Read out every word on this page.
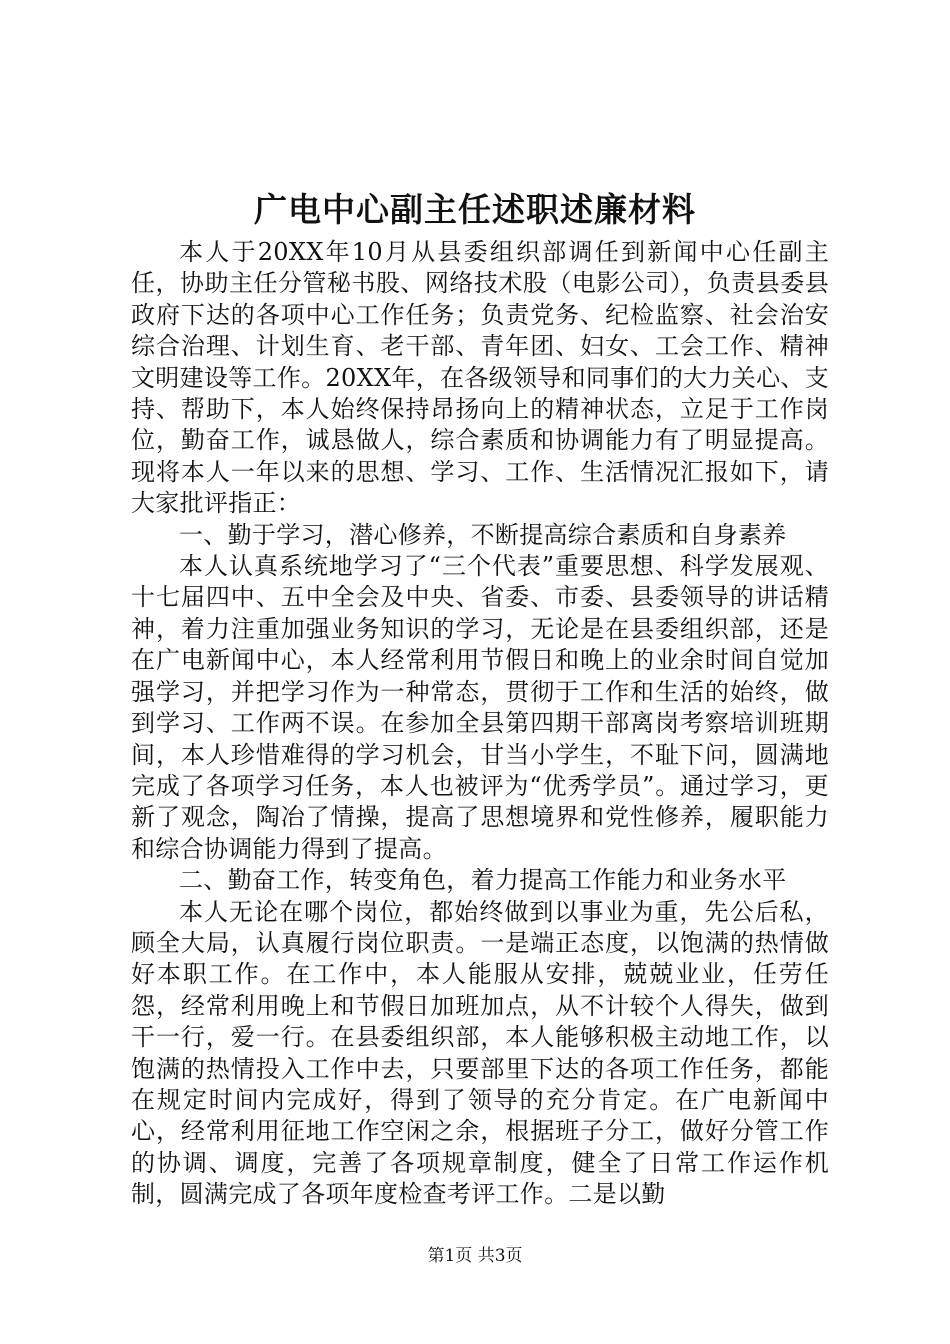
广电中心副主任述职述廉材料

本人于20XX年10月从县委组织部调任到新闻中心任副主任，协助主任分管秘书股、网络技术股（电影公司），负责县委县政府下达的各项中心工作任务；负责党务、纪检监察、社会治安综合治理、计划生育、老干部、青年团、妇女、工会工作、精神文明建设等工作。20XX年，在各级领导和同事们的大力关心、支持、帮助下，本人始终保持昂扬向上的精神状态，立足于工作岗位，勤奋工作，诚恳做人，综合素质和协调能力有了明显提高。现将本人一年以来的思想、学习、工作、生活情况汇报如下，请大家批评指正：

一、勤于学习，潜心修养，不断提高综合素质和自身素养

本人认真系统地学习了“三个代表”重要思想、科学发展观、十七届四中、五中全会及中央、省委、市委、县委领导的讲话精神，着力注重加强业务知识的学习，无论是在县委组织部，还是在广电新闻中心，本人经常利用节假日和晚上的业余时间自觉加强学习，并把学习作为一种常态，贯彻于工作和生活的始终，做到学习、工作两不误。在参加全县第四期干部离岗考察培训班期间，本人珍惜难得的学习机会，甘当小学生，不耻下问，圆满地完成了各项学习任务，本人也被评为“优秀学员”。通过学习，更新了观念，陶冶了情操，提高了思想境界和党性修养，履职能力和综合协调能力得到了提高。

二、勤奋工作，转变角色，着力提高工作能力和业务水平

本人无论在哪个岗位，都始终做到以事业为重，先公后私，顾全大局，认真履行岗位职责。一是端正态度，以饱满的热情做好本职工作。在工作中，本人能服从安排，兢兢业业，任劳任怨，经常利用晚上和节假日加班加点，从不计较个人得失，做到干一行，爱一行。在县委组织部，本人能够积极主动地工作，以饱满的热情投入工作中去，只要部里下达的各项工作任务，都能在规定时间内完成好，得到了领导的充分肯定。在广电新闻中心，经常利用征地工作空闲之余，根据班子分工，做好分管工作的协调、调度，完善了各项规章制度，健全了日常工作运作机制，圆满完成了各项年度检查考评工作。二是以勤

第1页 共3页
